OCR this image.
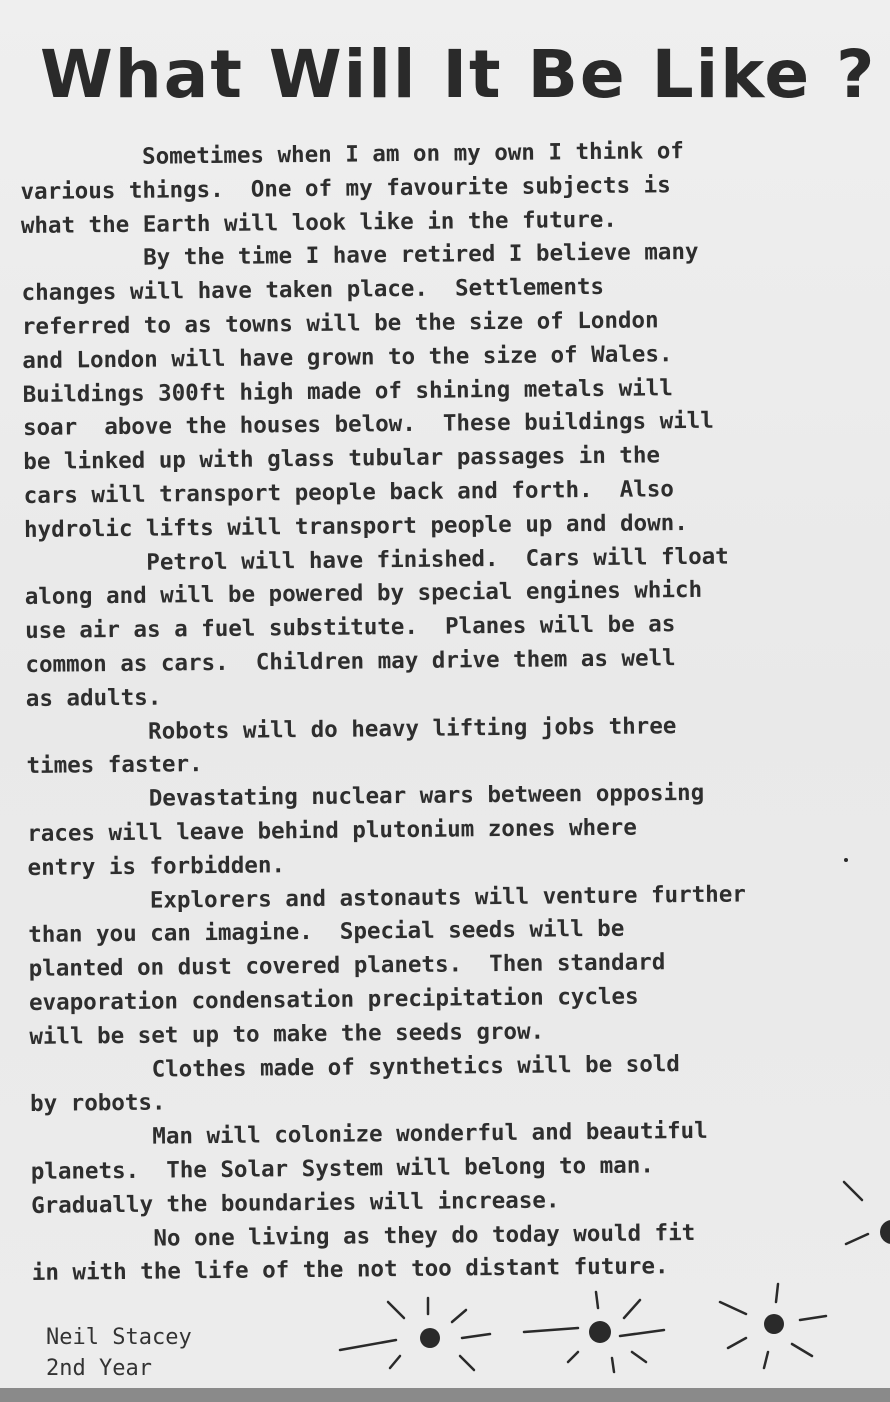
What Will It Be Like ?
Sometimes when I am on my own I think of
various things.  One of my favourite subjects is
what the Earth will look like in the future.
By the time I have retired I believe many
changes will have taken place.  Settlements
referred to as towns will be the size of London
and London will have grown to the size of Wales.
Buildings 300ft high made of shining metals will
soar  above the houses below.  These buildings will
be linked up with glass tubular passages in the
cars will transport people back and forth.  Also
hydrolic lifts will transport people up and down.
Petrol will have finished.  Cars will float
along and will be powered by special engines which
use air as a fuel substitute.  Planes will be as
common as cars.  Children may drive them as well
as adults.
Robots will do heavy lifting jobs three
times faster.
Devastating nuclear wars between opposing
races will leave behind plutonium zones where
entry is forbidden.
Explorers and astonauts will venture further
than you can imagine.  Special seeds will be
planted on dust covered planets.  Then standard
evaporation condensation precipitation cycles
will be set up to make the seeds grow.
Clothes made of synthetics will be sold
by robots.
Man will colonize wonderful and beautiful
planets.  The Solar System will belong to man.
Gradually the boundaries will increase.
No one living as they do today would fit
in with the life of the not too distant future.
Neil Stacey
2nd Year
